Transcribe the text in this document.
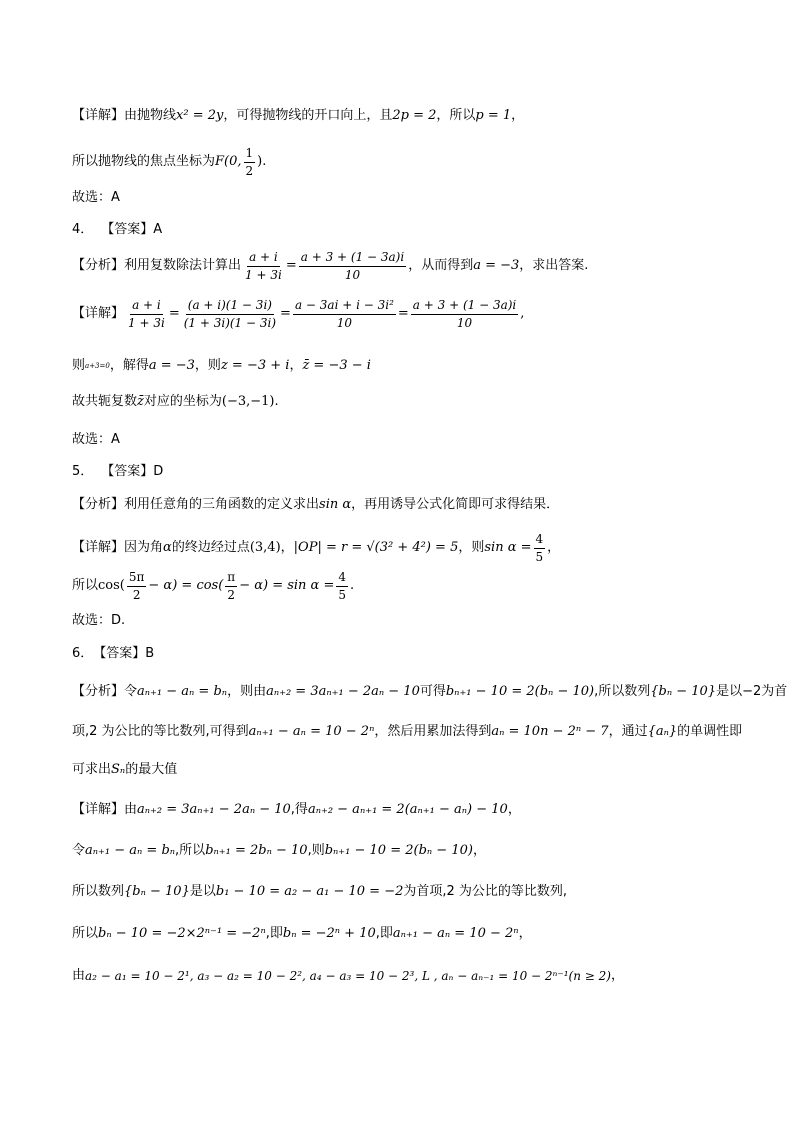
【详解】 由抛物线 x² = 2y ，可得抛物线的开口向上，且 2p = 2 ，所以 p = 1 ，
所以抛物线的焦点坐标为 F(0, $\frac{1}{2}$ ).
故选：A
4． 【答案】 A
【分析】 利用复数除法计算出 $\frac{a + i}{1 + 3i} = \frac{a + 3 + (1 - 3a)i}{10}$ ，从而得到 a = −3 ，求出答案.
【详解】 $\frac{a + i}{1 + 3i} = \frac{(a + i)(1 - 3i)}{(1 + 3i)(1 - 3i)} = \frac{\text{a − 3ai + i − 3i²}}{10} = \frac{a + 3 + (1 - 3a)i}{10}$ ,
则 a+3=0 ，解得 a = −3 ，则 z = −3 + i ， z̄ = −3 − i
故共轭复数 z̄ 对应的坐标为 (−3,−1) .
故选：A
5． 【答案】 D
【分析】 利用任意角的三角函数的定义求出 sin α ，再用诱导公式化简即可求得结果．
【详解】 因为角 α 的终边经过点 (3,4) ， |OP| = r = √(3² + 4²) = 5 ，则 $\sin \alpha = \frac{4}{5}$ ，
所以 $\cos( \frac{5\pi}{2} - \alpha) = \cos( \frac{\pi}{2} - \alpha) = \sin \alpha = \frac{4}{5}$ .
故选：D.
6． 【答案】 B
【分析】 令 aₙ₊₁ − aₙ = bₙ ，则由 aₙ₊₂ = 3aₙ₊₁ − 2aₙ − 10 可得 bₙ₊₁ − 10 = 2(bₙ − 10) ,所以数列 {bₙ − 10} 是以−2为首
项,2 为公比的等比数列,可得到 aₙ₊₁ − aₙ = 10 − 2ⁿ ，然后用累加法得到 aₙ = 10n − 2ⁿ − 7 ，通过 {aₙ} 的单调性即
可求出 Sₙ 的最大值
【详解】 由 aₙ₊₂ = 3aₙ₊₁ − 2aₙ − 10 ,得 aₙ₊₂ − aₙ₊₁ = 2(aₙ₊₁ − aₙ) − 10 ，
令 aₙ₊₁ − aₙ = bₙ ,所以 bₙ₊₁ = 2bₙ − 10 ,则 bₙ₊₁ − 10 = 2(bₙ − 10) ，
所以数列 {bₙ − 10} 是以 b₁ − 10 = a₂ − a₁ − 10 = −2 为首项,2 为公比的等比数列,
所以 bₙ − 10 = −2×2ⁿ⁻¹ = −2ⁿ ,即 bₙ = −2ⁿ + 10 ,即 aₙ₊₁ − aₙ = 10 − 2ⁿ ，
由 a₂ − a₁ = 10 − 2¹, a₃ − a₂ = 10 − 2², a₄ − a₃ = 10 − 2³, L , aₙ − aₙ₋₁ = 10 − 2ⁿ⁻¹(n ≥ 2) ，
